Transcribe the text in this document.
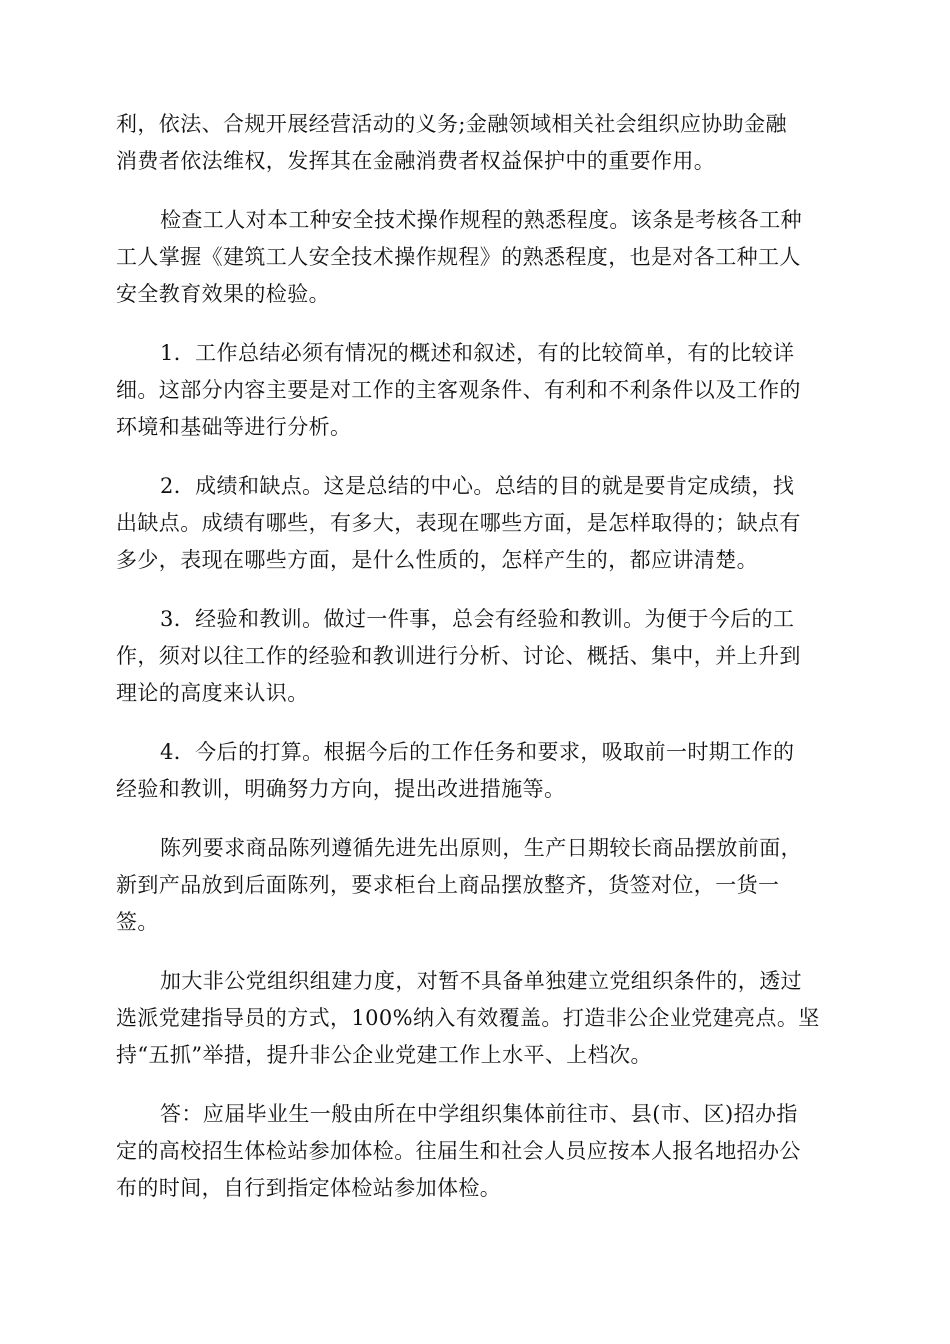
利，依法、合规开展经营活动的义务;金融领域相关社会组织应协助金融
消费者依法维权，发挥其在金融消费者权益保护中的重要作用。

检查工人对本工种安全技术操作规程的熟悉程度。该条是考核各工种
工人掌握《建筑工人安全技术操作规程》的熟悉程度，也是对各工种工人
安全教育效果的检验。

1．工作总结必须有情况的概述和叙述，有的比较简单，有的比较详
细。这部分内容主要是对工作的主客观条件、有利和不利条件以及工作的
环境和基础等进行分析。

2．成绩和缺点。这是总结的中心。总结的目的就是要肯定成绩，找
出缺点。成绩有哪些，有多大，表现在哪些方面，是怎样取得的；缺点有
多少，表现在哪些方面，是什么性质的，怎样产生的，都应讲清楚。

3．经验和教训。做过一件事，总会有经验和教训。为便于今后的工
作，须对以往工作的经验和教训进行分析、讨论、概括、集中，并上升到
理论的高度来认识。

4．今后的打算。根据今后的工作任务和要求，吸取前一时期工作的
经验和教训，明确努力方向，提出改进措施等。

陈列要求商品陈列遵循先进先出原则，生产日期较长商品摆放前面，
新到产品放到后面陈列，要求柜台上商品摆放整齐，货签对位，一货一
签。

加大非公党组织组建力度，对暂不具备单独建立党组织条件的，透过
选派党建指导员的方式，100%纳入有效覆盖。打造非公企业党建亮点。坚
持“五抓”举措，提升非公企业党建工作上水平、上档次。

答：应届毕业生一般由所在中学组织集体前往市、县(市、区)招办指
定的高校招生体检站参加体检。往届生和社会人员应按本人报名地招办公
布的时间，自行到指定体检站参加体检。
